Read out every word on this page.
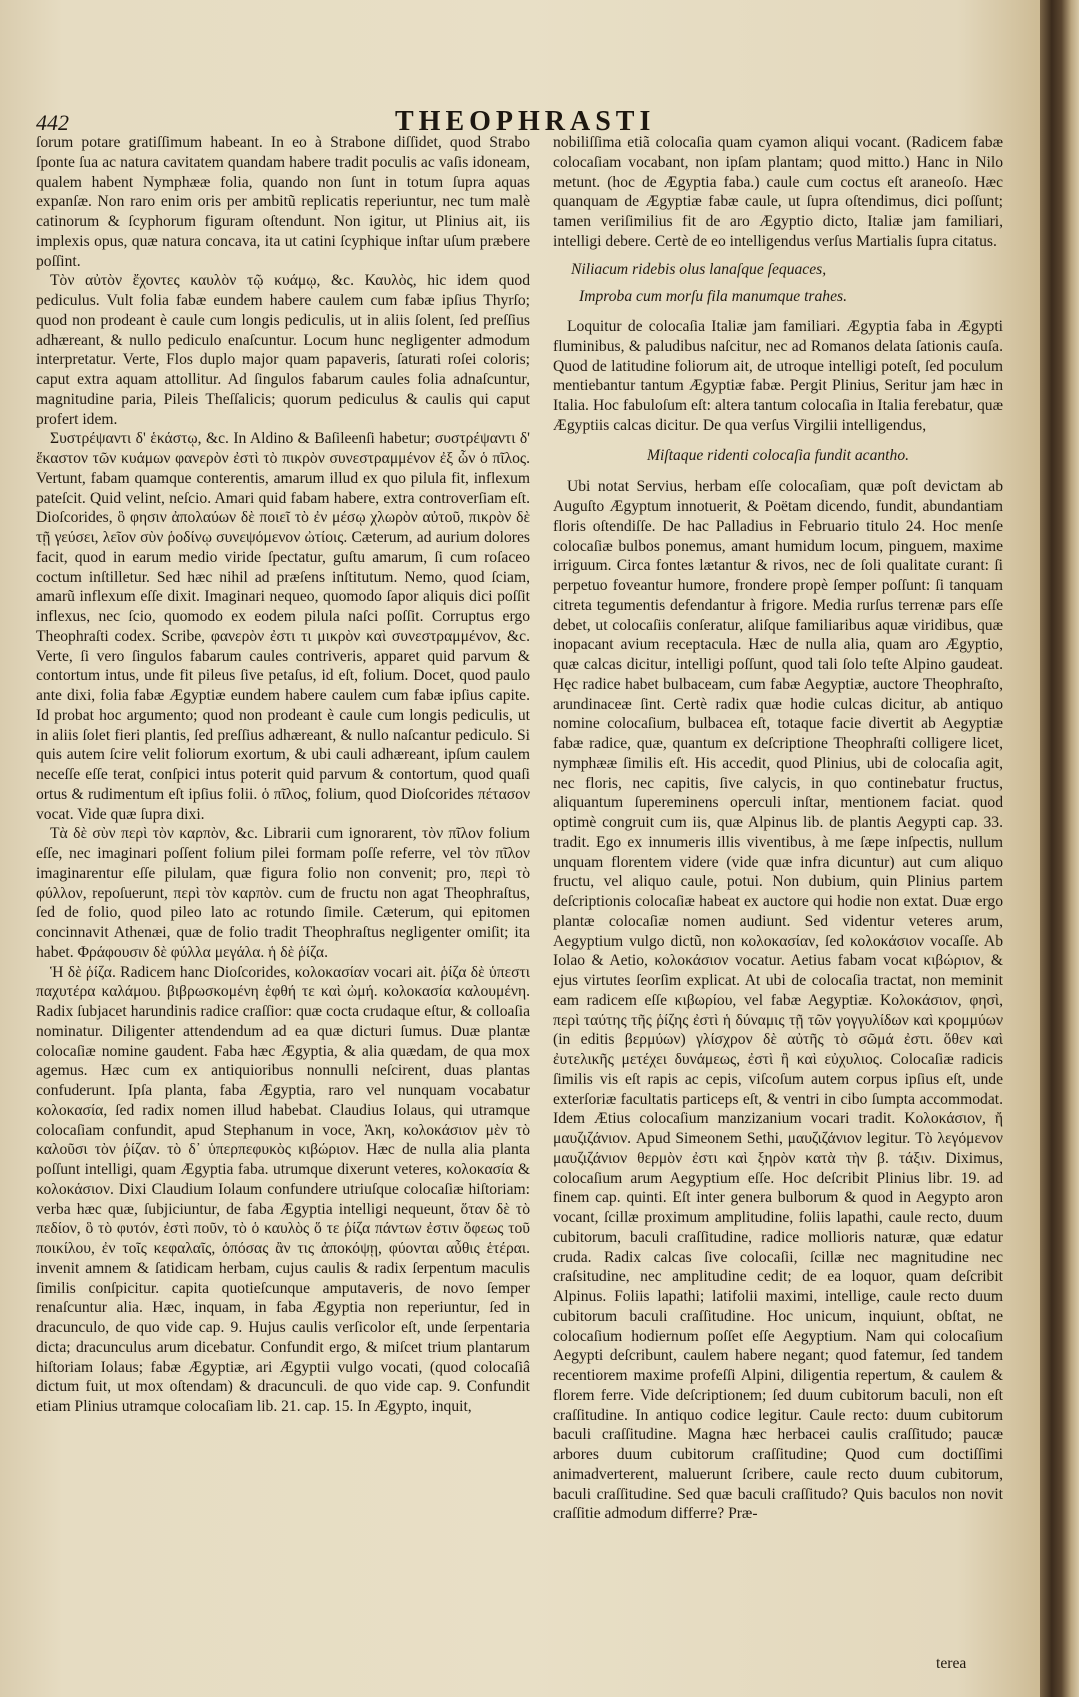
442	THEOPHRASTI

ſorum potare gratiſſimum habeant. In eo à Strabone diſſidet, quod Strabo ſponte ſua ac natura cavitatem quandam habere tradit poculis ac vaſis idoneam, qualem habent Nymphææ folia, quando non ſunt in totum ſupra aquas expanſæ. Non raro enim oris per ambitũ replicatis reperiuntur, nec tum malè catinorum & ſcyphorum figuram oſtendunt. Non igitur, ut Plinius ait, iis implexis opus, quæ natura concava, ita ut catini ſcyphique inſtar uſum præbere poſſint.

Τὸν αὐτὸν ἔχοντες καυλὸν τῷ κυάμῳ, &c. Καυλὸς, hic idem quod pediculus. Vult folia fabæ eundem habere caulem cum fabæ ipſius Thyrſo; quod non prodeant è caule cum longis pediculis, ut in aliis ſolent, ſed preſſius adhæreant, & nullo pediculo enaſcuntur. Locum hunc negligenter admodum interpretatur. Verte, Flos duplo major quam papaveris, ſaturati roſei coloris; caput extra aquam attollitur. Ad ſingulos fabarum caules folia adnaſcuntur, magnitudine paria, Pileis Theſſalicis; quorum pediculus & caulis qui caput profert idem.

Συστρέψαντι δ' ἑκάστῳ, &c. In Aldino & Baſileenſi habetur; συστρέψαντι δ' ἕκαστον τῶν κυάμων φανερὸν ἐστὶ τὸ πικρὸν συνεστραμμένον ἐξ ὧν ὁ πῖλος. Vertunt, fabam quamque conterentis, amarum illud ex quo pilula fit, inflexum pateſcit. Quid velint, neſcio. Amari quid fabam habere, extra controverſiam eſt. Dioſcorides, ὃ φησιν ἀπολαύων δὲ ποιεῖ τὸ ἐν μέσῳ χλωρὸν αὐτοῦ, πικρὸν δὲ τῇ γεύσει, λεῖον σὺν ῥοδίνῳ συνεψόμενον ὠτίοις. Cæterum, ad aurium dolores facit, quod in earum medio viride ſpectatur, guſtu amarum, ſi cum roſaceo coctum inſtilletur. Sed hæc nihil ad præſens inſtitutum. Nemo, quod ſciam, amarũ inflexum eſſe dixit. Imaginari nequeo, quomodo ſapor aliquis dici poſſit inflexus, nec ſcio, quomodo ex eodem pilula naſci poſſit. Corruptus ergo Theophraſti codex. Scribe, φανερὸν ἐστι τι μικρὸν καὶ συνεστραμμένον, &c. Verte, ſi vero ſingulos fabarum caules contriveris, apparet quid parvum & contortum intus, unde fit pileus ſive petaſus, id eſt, folium. Docet, quod paulo ante dixi, folia fabæ Ægyptiæ eundem habere caulem cum fabæ ipſius capite. Id probat hoc argumento; quod non prodeant è caule cum longis pediculis, ut in aliis ſolet fieri plantis, ſed preſſius adhæreant, & nullo naſcantur pediculo. Si quis autem ſcire velit foliorum exortum, & ubi cauli adhæreant, ipſum caulem neceſſe eſſe terat, conſpici intus poterit quid parvum & contortum, quod quaſi ortus & rudimentum eſt ipſius folii. ὁ πῖλος, folium, quod Dioſcorides πέτασον vocat. Vide quæ ſupra dixi.

Τὰ δὲ σὺν περὶ τὸν καρπὸν, &c. Librarii cum ignorarent, τὸν πῖλον folium eſſe, nec imaginari poſſent folium pilei formam poſſe referre, vel τὸν πῖλον imaginarentur eſſe pilulam, quæ figura folio non convenit; pro, περὶ τὸ φύλλον, repoſuerunt, περὶ τὸν καρπὸν. cum de fructu non agat Theophraſtus, ſed de folio, quod pileo lato ac rotundo ſimile. Cæterum, qui epitomen concinnavit Athenæi, quæ de folio tradit Theophraſtus negligenter omiſit; ita habet. Φράφουσιν δὲ φύλλα μεγάλα. ἡ δὲ ῥίζα.

Ἡ δὲ ῥίζα. Radicem hanc Dioſcorides, κολοκασίαν vocari ait. ῥίζα δὲ ὑπεστι παχυτέρα καλάμου. βιβρωσκομένη ἑφθή τε καὶ ὠμή. κολοκασία καλουμένη. Radix ſubjacet harundinis radice craſſior: quæ cocta crudaque eſtur, & colloaſia nominatur. Diligenter attendendum ad ea quæ dicturi ſumus. Duæ plantæ colocaſiæ nomine gaudent. Faba hæc Ægyptia, & alia quædam, de qua mox agemus. Hæc cum ex antiquioribus nonnulli neſcirent, duas plantas confuderunt. Ipſa planta, faba Ægyptia, raro vel nunquam vocabatur κολοκασία, ſed radix nomen illud habebat. Claudius Iolaus, qui utramque colocaſiam confundit, apud Stephanum in voce, Ἀκη, κολοκάσιον μὲν τὸ καλοῦσι τὸν ῥίζαν. τὸ δ᾽ ὑπερπεφυκὸς κιβώριον. Hæc de nulla alia planta poſſunt intelligi, quam Ægyptia faba. utrumque dixerunt veteres, κολοκασία & κολοκάσιον. Dixi Claudium Iolaum confundere utriuſque colocaſiæ hiſtoriam: verba hæc quæ, ſubjiciuntur, de faba Ægyptia intelligi nequeunt, ὅταν δὲ τὸ πεδίον, ὃ τὸ φυτόν, ἐστὶ ποῦν, τὸ ὁ καυλὸς ὅ τε ῥίζα πάντων ἐστιν ὄφεως τοῦ ποικίλου, ἐν τοῖς κεφαλαῖς, ὁπόσας ἂν τις ἀποκόψῃ, φύονται αὖθις ἑτέραι. invenit amnem & ſatidicam herbam, cujus caulis & radix ſerpentum maculis ſimilis conſpicitur. capita quotieſcunque amputaveris, de novo ſemper renaſcuntur alia. Hæc, inquam, in faba Ægyptia non reperiuntur, ſed in dracunculo, de quo vide cap. 9. Hujus caulis verſicolor eſt, unde ſerpentaria dicta; dracunculus arum dicebatur. Confundit ergo, & miſcet trium plantarum hiſtoriam Iolaus; fabæ Ægyptiæ, ari Ægyptii vulgo vocati, (quod colocaſiâ dictum fuit, ut mox oſtendam) & dracunculi. de quo vide cap. 9. Confundit etiam Plinius utramque colocaſiam lib. 21. cap. 15. In Ægypto, inquit,

nobiliſſima etiã colocaſia quam cyamon aliqui vocant. (Radicem fabæ colocaſiam vocabant, non ipſam plantam; quod mitto.) Hanc in Nilo metunt. (hoc de Ægyptia faba.) caule cum coctus eſt araneoſo. Hæc quanquam de Ægyptiæ fabæ caule, ut ſupra oſtendimus, dici poſſunt; tamen veriſimilius fit de aro Ægyptio dicto, Italiæ jam familiari, intelligi debere. Certè de eo intelligendus verſus Martialis ſupra citatus.

Niliacum ridebis olus lanaſque ſequaces,

Improba cum morſu fila manumque trahes.

Loquitur de colocaſia Italiæ jam familiari. Ægyptia faba in Ægypti fluminibus, & paludibus naſcitur, nec ad Romanos delata ſationis cauſa. Quod de latitudine foliorum ait, de utroque intelligi poteſt, ſed poculum mentiebantur tantum Ægyptiæ fabæ. Pergit Plinius, Seritur jam hæc in Italia. Hoc fabuloſum eſt: altera tantum colocaſia in Italia ferebatur, quæ Ægyptiis calcas dicitur. De qua verſus Virgilii intelligendus,

Miſtaque ridenti colocaſia fundit acantho.

Ubi notat Servius, herbam eſſe colocaſiam, quæ poſt devictam ab Auguſto Ægyptum innotuerit, & Poëtam dicendo, fundit, abundantiam floris oſtendiſſe. De hac Palladius in Februario titulo 24. Hoc menſe colocaſiæ bulbos ponemus, amant humidum locum, pinguem, maxime irriguum. Circa fontes lætantur & rivos, nec de ſoli qualitate curant: ſi perpetuo foveantur humore, frondere propè ſemper poſſunt: ſi tanquam citreta tegumentis defendantur à frigore. Media rurſus terrenæ pars eſſe debet, ut colocaſiis conſeratur, aliſque familiaribus aquæ viridibus, quæ inopacant avium receptacula. Hæc de nulla alia, quam aro Ægyptio, quæ calcas dicitur, intelligi poſſunt, quod tali ſolo teſte Alpino gaudeat. Hęc radice habet bulbaceam, cum fabæ Aegyptiæ, auctore Theophraſto, arundinaceæ ſint. Certè radix quæ hodie culcas dicitur, ab antiquo nomine colocaſium, bulbacea eſt, totaque facie divertit ab Aegyptiæ fabæ radice, quæ, quantum ex deſcriptione Theophraſti colligere licet, nymphææ ſimilis eſt. His accedit, quod Plinius, ubi de colocaſia agit, nec floris, nec capitis, ſive calycis, in quo continebatur fructus, aliquantum ſupereminens operculi inſtar, mentionem faciat. quod optimè congruit cum iis, quæ Alpinus lib. de plantis Aegypti cap. 33. tradit. Ego ex innumeris illis viventibus, à me ſæpe inſpectis, nullum unquam florentem videre (vide quæ infra dicuntur) aut cum aliquo fructu, vel aliquo caule, potui. Non dubium, quin Plinius partem deſcriptionis colocaſiæ habeat ex auctore qui hodie non extat. Duæ ergo plantæ colocaſiæ nomen audiunt. Sed videntur veteres arum, Aegyptium vulgo dictũ, non κολοκασίαν, ſed κολοκάσιον vocaſſe. Ab Iolao & Aetio, κολοκάσιον vocatur. Aetius fabam vocat κιβώριον, & ejus virtutes ſeorſim explicat. At ubi de colocaſia tractat, non meminit eam radicem eſſe κιβωρίου, vel fabæ Aegyptiæ. Κολοκάσιον, φησὶ, περὶ ταύτης τῆς ῥίζης ἐστὶ ἡ δύναμις τῇ τῶν γογγυλίδων καὶ κρομμύων (in editis βερμύων) γλίσχρον δὲ αὐτῆς τὸ σῶμά ἐστι. ὅθεν καὶ ἐυτελικῆς μετέχει δυνάμεως, ἐστὶ ἢ καὶ εὐχυλιος. Colocaſiæ radicis ſimilis vis eſt rapis ac cepis, viſcoſum autem corpus ipſius eſt, unde exterſoriæ facultatis particeps eſt, & ventri in cibo ſumpta accommodat. Idem Ætius colocaſium manzizanium vocari tradit. Κολοκάσιον, ἤ μαυζιζάνιον. Apud Simeonem Sethi, μαυζιζάνιον legitur. Τὸ λεγόμενον μαυζιζάνιον θερμὸν ἐστι καὶ ξηρὸν κατὰ τὴν β. τάξιν. Diximus, colocaſium arum Aegyptium eſſe. Hoc deſcribit Plinius libr. 19. ad finem cap. quinti. Eſt inter genera bulborum & quod in Aegypto aron vocant, ſcillæ proximum amplitudine, foliis lapathi, caule recto, duum cubitorum, baculi craſſitudine, radice mollioris naturæ, quæ edatur cruda. Radix calcas ſive colocaſii, ſcillæ nec magnitudine nec craſsitudine, nec amplitudine cedit; de ea loquor, quam deſcribit Alpinus. Foliis lapathi; latifolii maximi, intellige, caule recto duum cubitorum baculi craſſitudine. Hoc unicum, inquiunt, obſtat, ne colocaſium hodiernum poſſet eſſe Aegyptium. Nam qui colocaſium Aegypti deſcribunt, caulem habere negant; quod fatemur, ſed tandem recentiorem maxime profeſſi Alpini, diligentia repertum, & caulem & florem ferre. Vide deſcriptionem; ſed duum cubitorum baculi, non eſt craſſitudine. In antiquo codice legitur. Caule recto: duum cubitorum baculi craſſitudine. Magna hæc herbacei caulis craſſitudo; paucæ arbores duum cubitorum craſſitudine; Quod cum doctiſſimi animadverterent, maluerunt ſcribere, caule recto duum cubitorum, baculi craſſitudine. Sed quæ baculi craſſitudo? Quis baculos non novit craſſitie admodum differre? Præ-

terea
